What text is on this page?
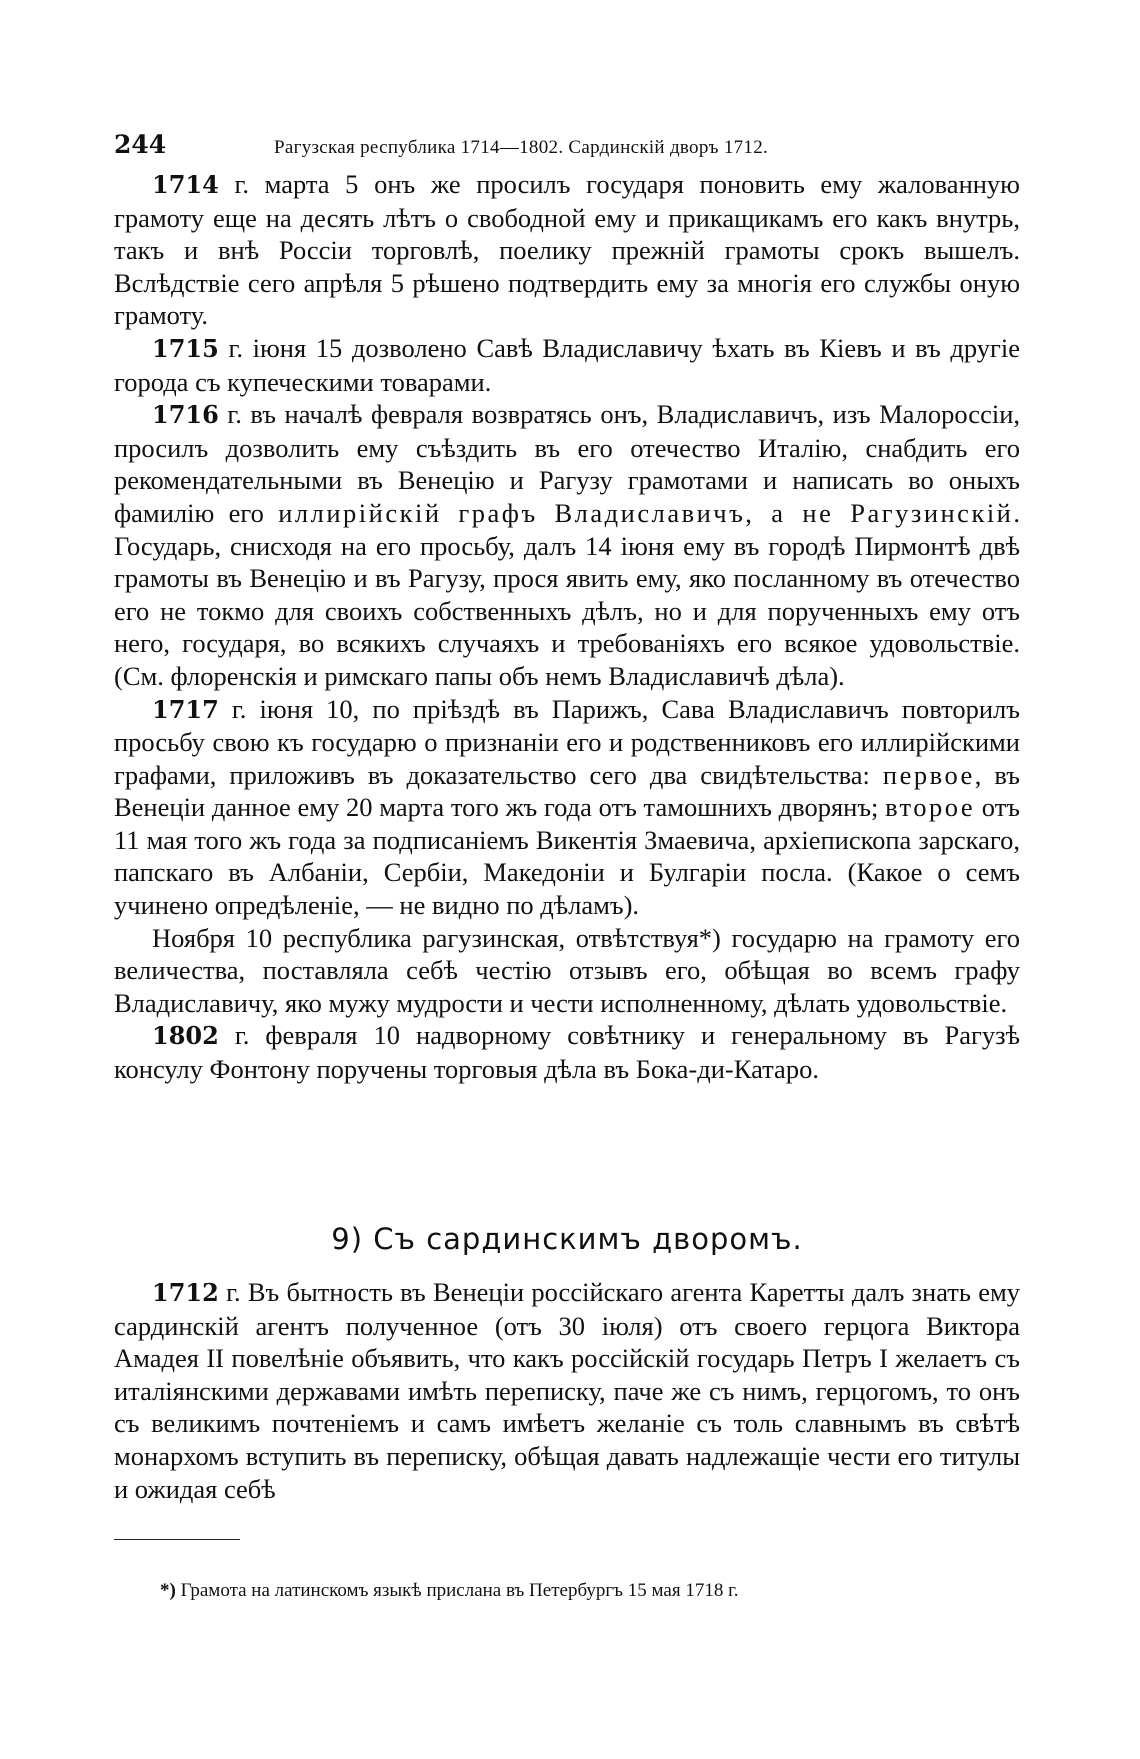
244	Рагузская республика 1714—1802. Сардинскій дворъ 1712.

1714 г. марта 5 онъ же просилъ государя поновить ему жалованную грамоту еще на десять лѣтъ о свободной ему и прикащикамъ его какъ внутрь, такъ и внѣ Россіи торговлѣ, поелику прежній грамоты срокъ вышелъ. Вслѣдствіе сего апрѣля 5 рѣшено подтвердить ему за многія его службы оную грамоту.

1715 г. іюня 15 дозволено Савѣ Владиславичу ѣхать въ Кіевъ и въ другіе города съ купеческими товарами.

1716 г. въ началѣ февраля возвратясь онъ, Владиславичъ, изъ Малороссіи, просилъ дозволить ему съѣздить въ его отечество Италію, снабдить его рекомендательными въ Венецію и Рагузу грамотами и написать во оныхъ фамилію его иллирійскій графъ Владиславичъ, а не Рагузинскій. Государь, снисходя на его просьбу, далъ 14 іюня ему въ городѣ Пирмонтѣ двѣ грамоты въ Венецію и въ Рагузу, прося явить ему, яко посланному въ отечество его не токмо для своихъ собственныхъ дѣлъ, но и для порученныхъ ему отъ него, государя, во всякихъ случаяхъ и требованіяхъ его всякое удовольствіе. (См. флоренскія и римскаго папы объ немъ Владиславичѣ дѣла).

1717 г. іюня 10, по пріѣздѣ въ Парижъ, Сава Владиславичъ повторилъ просьбу свою къ государю о признаніи его и родственниковъ его иллирійскими графами, приложивъ въ доказательство сего два свидѣтельства: первое, въ Венеціи данное ему 20 марта того жъ года отъ тамошнихъ дворянъ; второе отъ 11 мая того жъ года за подписаніемъ Викентія Змаевича, архіепископа зарскаго, папскаго въ Албаніи, Сербіи, Македоніи и Булгаріи посла. (Какое о семъ учинено опредѣленіе, — не видно по дѣламъ).

Ноября 10 республика рагузинская, отвѣтствуя*) государю на грамоту его величества, поставляла себѣ честію отзывъ его, обѣщая во всемъ графу Владиславичу, яко мужу мудрости и чести исполненному, дѣлать удовольствіе.

1802 г. февраля 10 надворному совѣтнику и генеральному въ Рагузѣ консулу Фонтону поручены торговыя дѣла въ Бока-ди-Катаро.

9) Съ сардинскимъ дворомъ.

1712 г. Въ бытность въ Венеціи россійскаго агента Каретты далъ знать ему сардинскій агентъ полученное (отъ 30 іюля) отъ своего герцога Виктора Амадея II повелѣніе объявить, что какъ россійскій государь Петръ I желаетъ съ италіянскими державами имѣть переписку, паче же съ нимъ, герцогомъ, то онъ съ великимъ почтеніемъ и самъ имѣетъ желаніе съ толь славнымъ въ свѣтѣ монархомъ вступить въ переписку, обѣщая давать надлежащіе чести его титулы и ожидая себѣ

*) Грамота на латинскомъ языкѣ прислана въ Петербургъ 15 мая 1718 г.
